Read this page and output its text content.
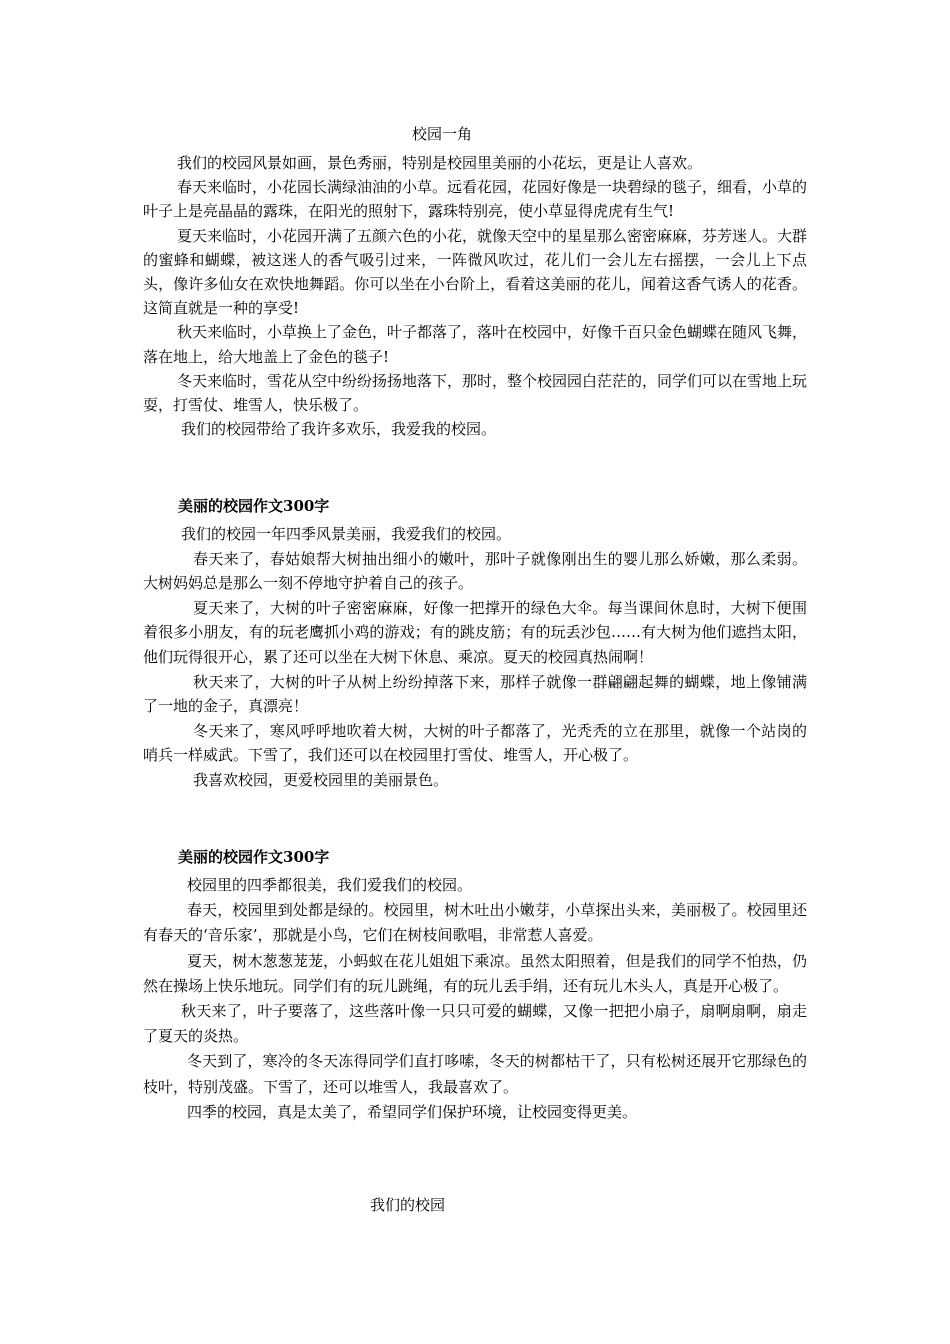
校园一角

我们的校园风景如画，景色秀丽，特别是校园里美丽的小花坛，更是让人喜欢。

春天来临时，小花园长满绿油油的小草。远看花园，花园好像是一块碧绿的毯子，细看，小草的叶子上是亮晶晶的露珠，在阳光的照射下，露珠特别亮，使小草显得虎虎有生气!

夏天来临时，小花园开满了五颜六色的小花，就像天空中的星星那么密密麻麻，芬芳迷人。大群的蜜蜂和蝴蝶，被这迷人的香气吸引过来，一阵微风吹过，花儿们一会儿左右摇摆，一会儿上下点头，像许多仙女在欢快地舞蹈。你可以坐在小台阶上，看着这美丽的花儿，闻着这香气诱人的花香。这简直就是一种的享受!

秋天来临时，小草换上了金色，叶子都落了，落叶在校园中，好像千百只金色蝴蝶在随风飞舞，落在地上，给大地盖上了金色的毯子!

冬天来临时，雪花从空中纷纷扬扬地落下，那时，整个校园园白茫茫的，同学们可以在雪地上玩耍，打雪仗、堆雪人，快乐极了。

我们的校园带给了我许多欢乐，我爱我的校园。

美丽的校园作文300字

我们的校园一年四季风景美丽，我爱我们的校园。

春天来了，春姑娘帮大树抽出细小的嫩叶，那叶子就像刚出生的婴儿那么娇嫩，那么柔弱。大树妈妈总是那么一刻不停地守护着自己的孩子。

夏天来了，大树的叶子密密麻麻，好像一把撑开的绿色大伞。每当课间休息时，大树下便围着很多小朋友，有的玩老鹰抓小鸡的游戏；有的跳皮筋；有的玩丢沙包……有大树为他们遮挡太阳，他们玩得很开心，累了还可以坐在大树下休息、乘凉。夏天的校园真热闹啊！

秋天来了，大树的叶子从树上纷纷掉落下来，那样子就像一群翩翩起舞的蝴蝶，地上像铺满了一地的金子，真漂亮！

冬天来了，寒风呼呼地吹着大树，大树的叶子都落了，光秃秃的立在那里，就像一个站岗的哨兵一样威武。下雪了，我们还可以在校园里打雪仗、堆雪人，开心极了。

我喜欢校园，更爱校园里的美丽景色。

美丽的校园作文300字

校园里的四季都很美，我们爱我们的校园。

春天，校园里到处都是绿的。校园里，树木吐出小嫩芽，小草探出头来，美丽极了。校园里还有春天的‘音乐家’，那就是小鸟，它们在树枝间歌唱，非常惹人喜爱。

夏天，树木葱葱茏茏，小蚂蚁在花儿姐姐下乘凉。虽然太阳照着，但是我们的同学不怕热，仍然在操场上快乐地玩。同学们有的玩儿跳绳，有的玩儿丢手绢，还有玩儿木头人，真是开心极了。

秋天来了，叶子要落了，这些落叶像一只只可爱的蝴蝶，又像一把把小扇子，扇啊扇啊，扇走了夏天的炎热。

冬天到了，寒冷的冬天冻得同学们直打哆嗦，冬天的树都枯干了，只有松树还展开它那绿色的枝叶，特别茂盛。下雪了，还可以堆雪人，我最喜欢了。

四季的校园，真是太美了，希望同学们保护环境，让校园变得更美。

我们的校园
